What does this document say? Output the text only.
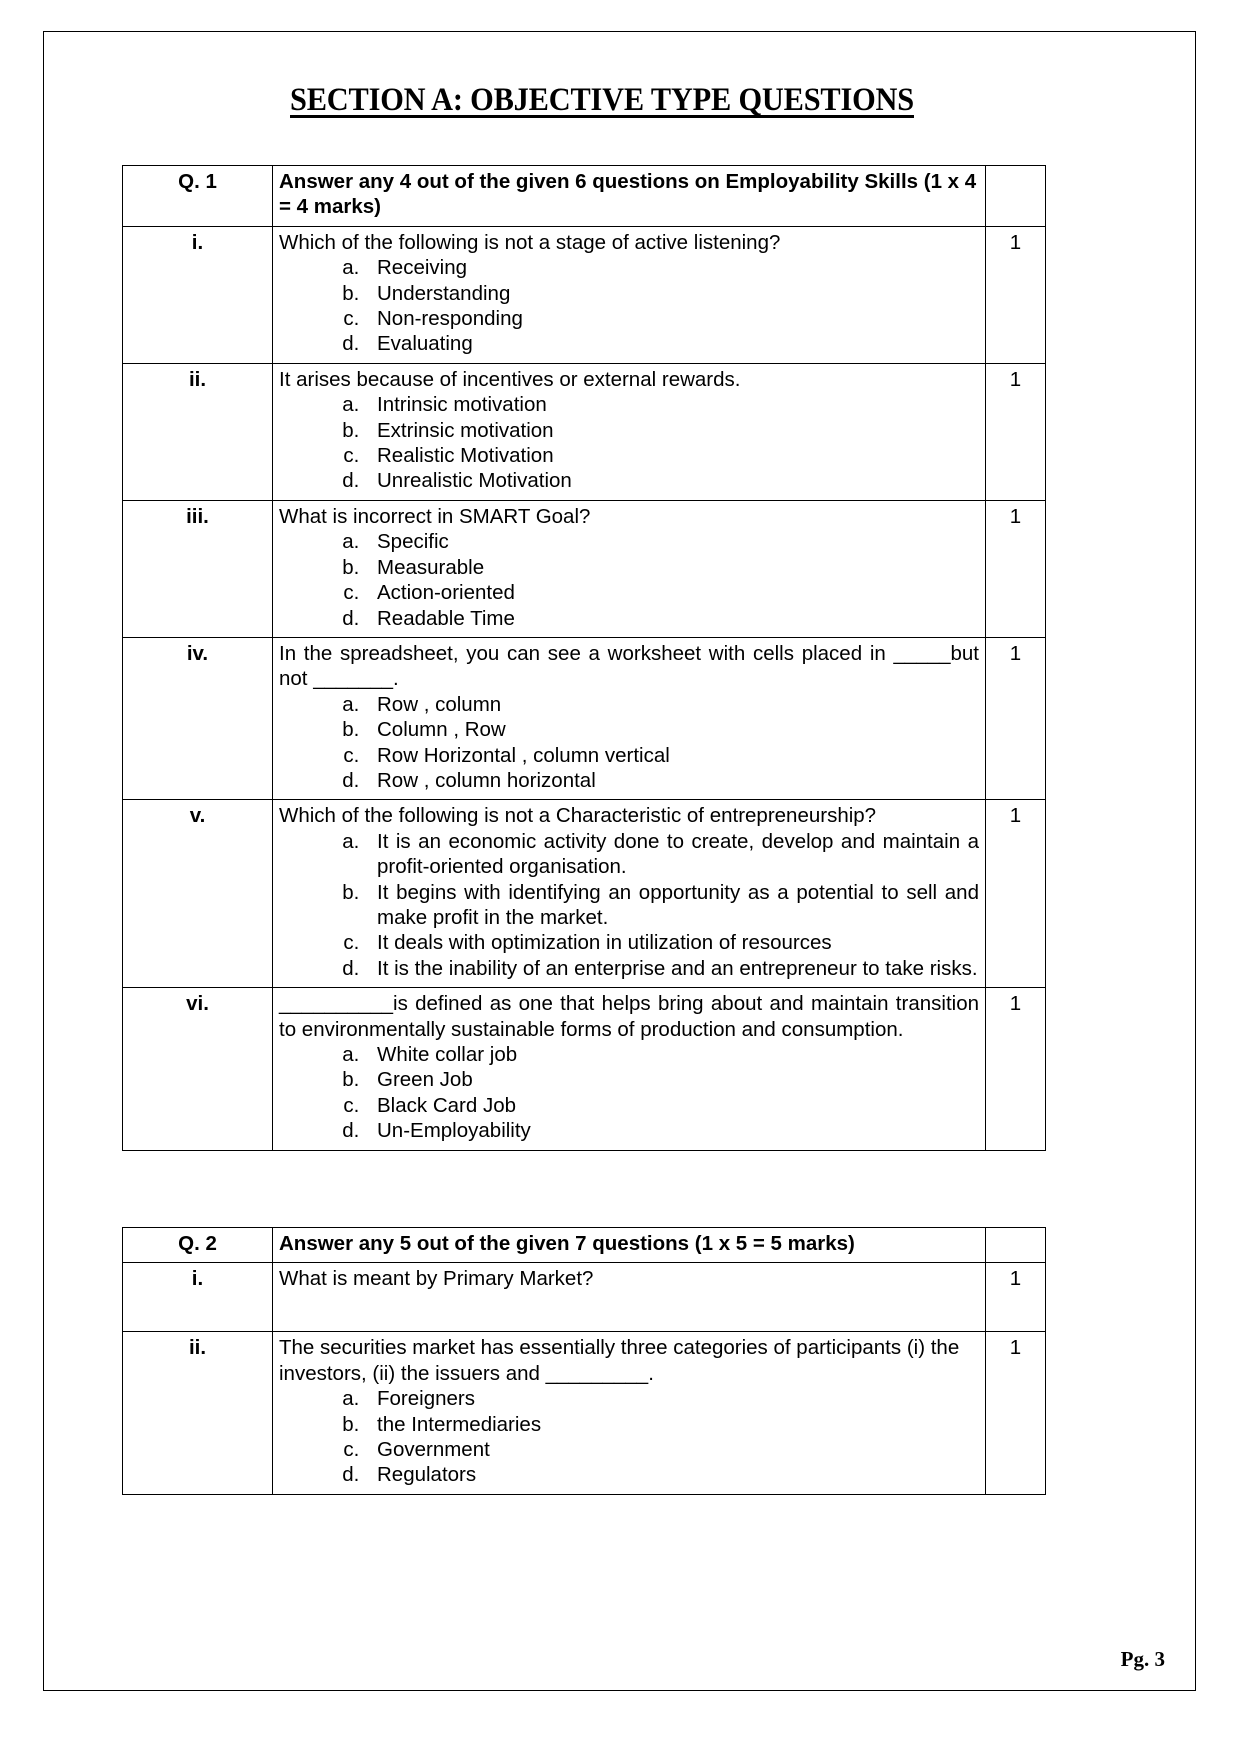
SECTION A: OBJECTIVE TYPE QUESTIONS
Q. 1	Answer any 4 out of the given 6 questions on Employability Skills (1 x 4 = 4 marks)	
i.	Which of the following is not a stage of active listening?

a. Receiving
b. Understanding
c. Non-responding
d. Evaluating
	1
ii.	It arises because of incentives or external rewards.

a. Intrinsic motivation
b. Extrinsic motivation
c. Realistic Motivation
d. Unrealistic Motivation
	1
iii.	What is incorrect in SMART Goal?

a. Specific
b. Measurable
c. Action-oriented
d. Readable Time
	1
iv.	In the spreadsheet, you can see a worksheet with cells placed in _____but not _______.

a. Row , column
b. Column , Row
c. Row Horizontal , column vertical
d. Row , column horizontal
	1
v.	Which of the following is not a Characteristic of entrepreneurship?

a. It is an economic activity done to create, develop and maintain a profit-oriented organisation.
b. It begins with identifying an opportunity as a potential to sell and make profit in the market.
c. It deals with optimization in utilization of resources
d. It is the inability of an enterprise and an entrepreneur to take risks.
	1
vi.	__________is defined as one that helps bring about and maintain transition to environmentally sustainable forms of production and consumption.

a. White collar job
b. Green Job
c. Black Card Job
d. Un-Employability
	1
Q. 2	Answer any 5 out of the given 7 questions (1 x 5 = 5 marks)	
i.	What is meant by Primary Market?	1
ii.	The securities market has essentially three categories of participants (i) the investors, (ii) the issuers and _________.

a. Foreigners
b. the Intermediaries
c. Government
d. Regulators
	1
Pg. 3
